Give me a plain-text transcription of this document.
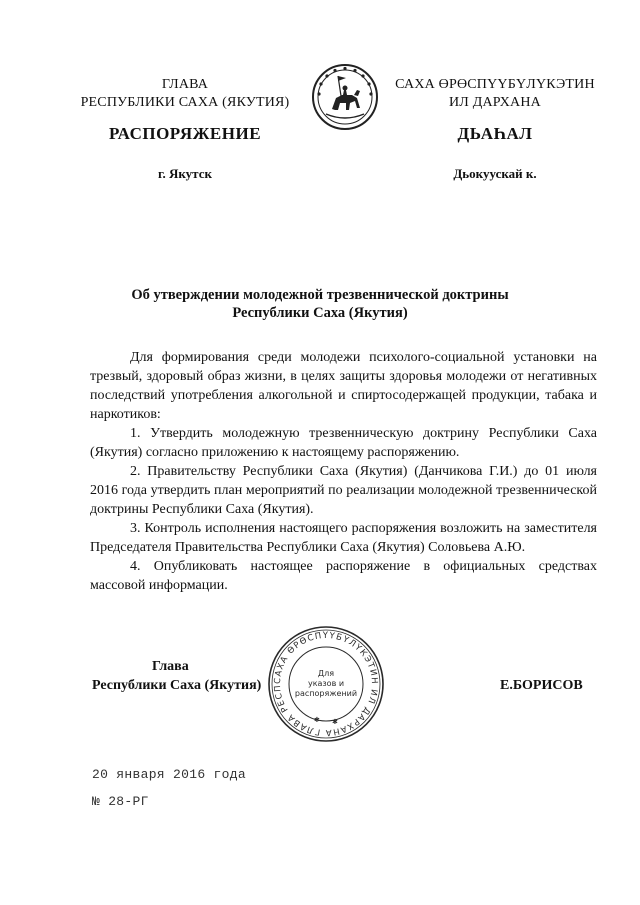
ГЛАВА
РЕСПУБЛИКИ САХА (ЯКУТИЯ)
САХА ӨРӨСПҮҮБҮЛҮКЭТИН
ИЛ ДАРХАНА
РАСПОРЯЖЕНИЕ	ДЬАҺАЛ
г. Якутск	Дьокуускай к.
Об утверждении молодежной трезвеннической доктрины
Республики Саха (Якутия)
Для формирования среди молодежи психолого-социальной установки на трезвый, здоровый образ жизни, в целях защиты здоровья молодежи от негативных последствий употребления алкогольной и спиртосодержащей продукции, табака и наркотиков:
1. Утвердить молодежную трезвенническую доктрину Республики Саха (Якутия) согласно приложению к настоящему распоряжению.
2. Правительству Республики Саха (Якутия) (Данчикова Г.И.) до 01 июля 2016 года утвердить план мероприятий по реализации молодежной трезвеннической доктрины Республики Саха (Якутия).
3. Контроль исполнения настоящего распоряжения возложить на заместителя Председателя Правительства Республики Саха (Якутия) Соловьева А.Ю.
4. Опубликовать настоящее распоряжение в официальных средствах массовой информации.
САХА ӨРӨСПҮҮБҮЛҮКЭТИН ИЛ ДАРХАНА ГЛАВА РЕСП
Для
указов и
распоряжений
✱ ✱
Глава
Республики Саха (Якутия)	Е.БОРИСОВ
20 января 2016 года
№ 28-РГ
